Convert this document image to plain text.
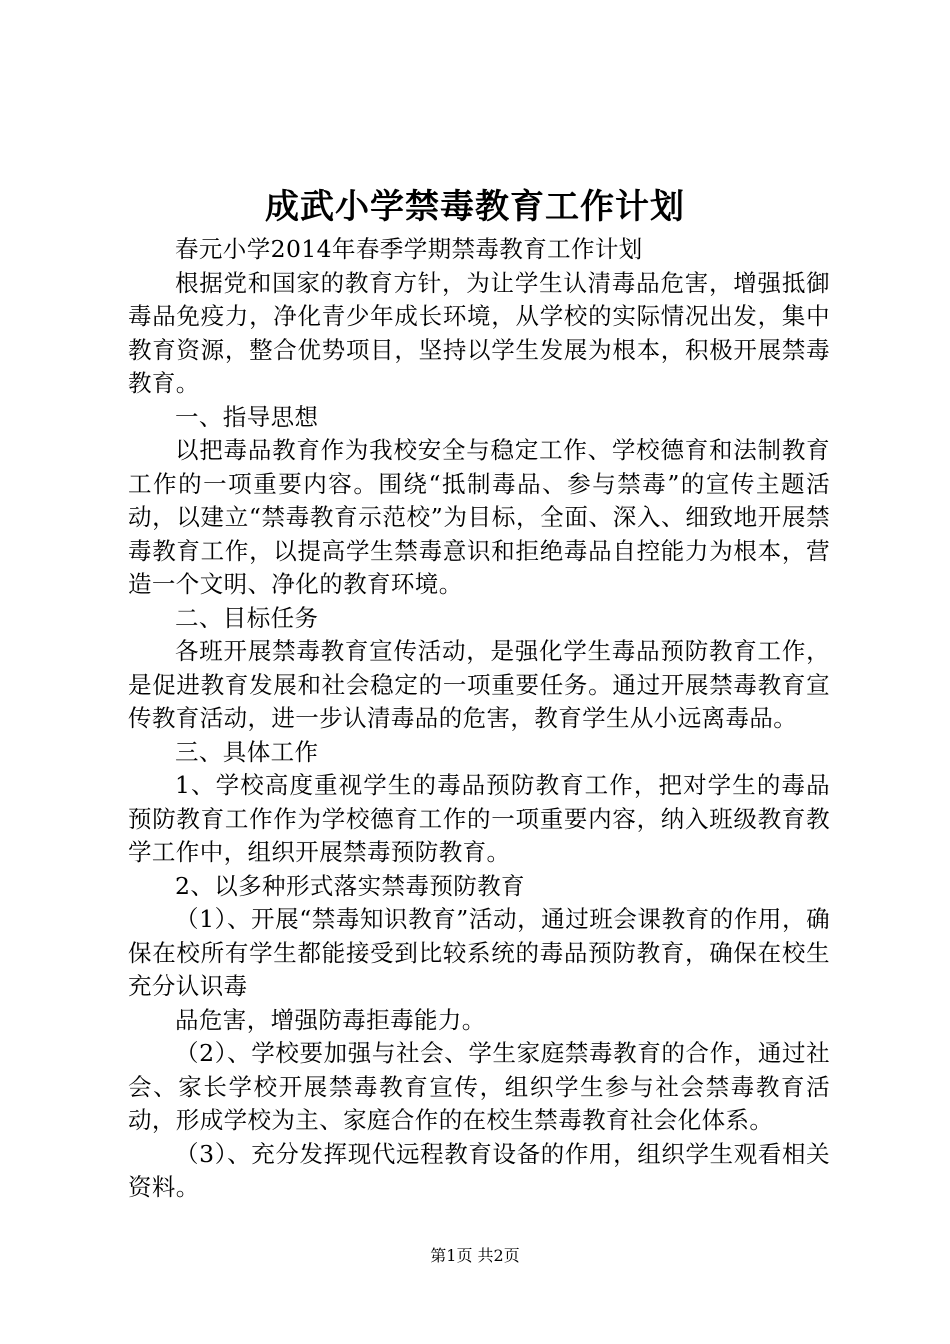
成武小学禁毒教育工作计划

春元小学2014年春季学期禁毒教育工作计划

根据党和国家的教育方针，为让学生认清毒品危害，增强抵御毒品免疫力，净化青少年成长环境，从学校的实际情况出发，集中教育资源，整合优势项目，坚持以学生发展为根本，积极开展禁毒教育。

一、指导思想

以把毒品教育作为我校安全与稳定工作、学校德育和法制教育工作的一项重要内容。围绕“抵制毒品、参与禁毒”的宣传主题活动，以建立“禁毒教育示范校”为目标，全面、深入、细致地开展禁毒教育工作，以提高学生禁毒意识和拒绝毒品自控能力为根本，营造一个文明、净化的教育环境。

二、目标任务

各班开展禁毒教育宣传活动，是强化学生毒品预防教育工作，是促进教育发展和社会稳定的一项重要任务。通过开展禁毒教育宣传教育活动，进一步认清毒品的危害，教育学生从小远离毒品。

三、具体工作

1、学校高度重视学生的毒品预防教育工作，把对学生的毒品预防教育工作作为学校德育工作的一项重要内容，纳入班级教育教学工作中，组织开展禁毒预防教育。

2、以多种形式落实禁毒预防教育

（1）、开展“禁毒知识教育”活动，通过班会课教育的作用，确保在校所有学生都能接受到比较系统的毒品预防教育，确保在校生充分认识毒

品危害，增强防毒拒毒能力。

（2）、学校要加强与社会、学生家庭禁毒教育的合作，通过社会、家长学校开展禁毒教育宣传，组织学生参与社会禁毒教育活动，形成学校为主、家庭合作的在校生禁毒教育社会化体系。

（3）、充分发挥现代远程教育设备的作用，组织学生观看相关资料。

第1页 共2页
